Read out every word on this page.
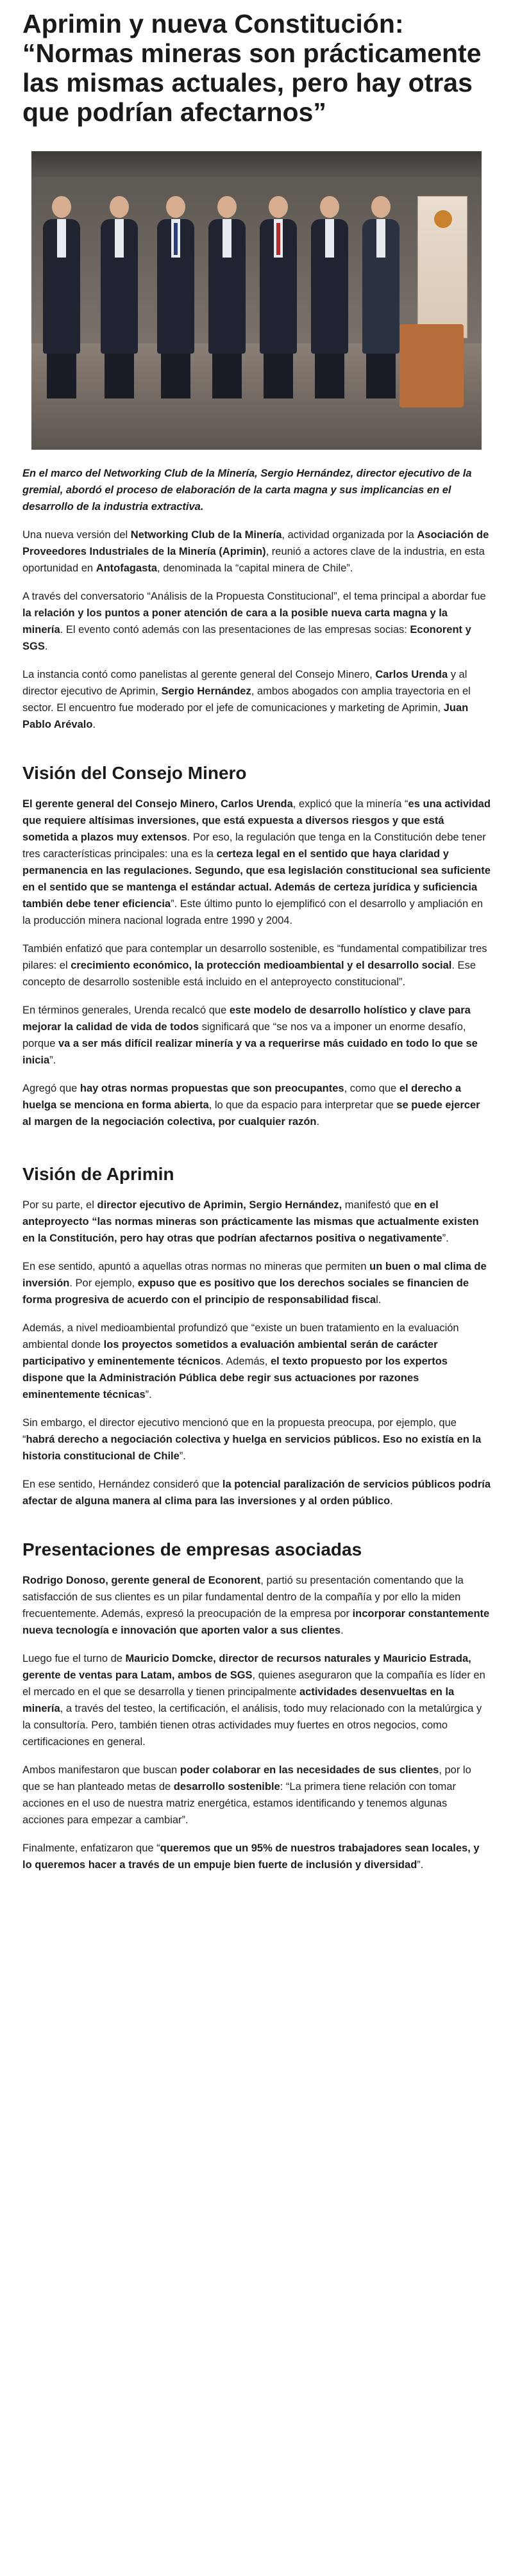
Aprimin y nueva Constitución: “Normas mineras son prácticamente las mismas actuales, pero hay otras que podrían afectarnos”

En el marco del Networking Club de la Minería, Sergio Hernández, director ejecutivo de la gremial, abordó el proceso de elaboración de la carta magna y sus implicancias en el desarrollo de la industria extractiva.

Una nueva versión del Networking Club de la Minería, actividad organizada por la Asociación de Proveedores Industriales de la Minería (Aprimin), reunió a actores clave de la industria, en esta oportunidad en Antofagasta, denominada la “capital minera de Chile”.

A través del conversatorio “Análisis de la Propuesta Constitucional”, el tema principal a abordar fue la relación y los puntos a poner atención de cara a la posible nueva carta magna y la minería. El evento contó además con las presentaciones de las empresas socias: Econorent y SGS.

La instancia contó como panelistas al gerente general del Consejo Minero, Carlos Urenda y al director ejecutivo de Aprimin, Sergio Hernández, ambos abogados con amplia trayectoria en el sector. El encuentro fue moderado por el jefe de comunicaciones y marketing de Aprimin, Juan Pablo Arévalo.

Visión del Consejo Minero

El gerente general del Consejo Minero, Carlos Urenda, explicó que la minería “es una actividad que requiere altísimas inversiones, que está expuesta a diversos riesgos y que está sometida a plazos muy extensos. Por eso, la regulación que tenga en la Constitución debe tener tres características principales: una es la certeza legal en el sentido que haya claridad y permanencia en las regulaciones. Segundo, que esa legislación constitucional sea suficiente en el sentido que se mantenga el estándar actual. Además de certeza jurídica y suficiencia también debe tener eficiencia”. Este último punto lo ejemplificó con el desarrollo y ampliación en la producción minera nacional lograda entre 1990 y 2004.

También enfatizó que para contemplar un desarrollo sostenible, es “fundamental compatibilizar tres pilares: el crecimiento económico, la protección medioambiental y el desarrollo social. Ese concepto de desarrollo sostenible está incluido en el anteproyecto constitucional”.

En términos generales, Urenda recalcó que este modelo de desarrollo holístico y clave para mejorar la calidad de vida de todos significará que “se nos va a imponer un enorme desafío, porque va a ser más difícil realizar minería y va a requerirse más cuidado en todo lo que se inicia”.

Agregó que hay otras normas propuestas que son preocupantes, como que el derecho a huelga se menciona en forma abierta, lo que da espacio para interpretar que se puede ejercer al margen de la negociación colectiva, por cualquier razón.

Visión de Aprimin

Por su parte, el director ejecutivo de Aprimin, Sergio Hernández, manifestó que en el anteproyecto “las normas mineras son prácticamente las mismas que actualmente existen en la Constitución, pero hay otras que podrían afectarnos positiva o negativamente”.

En ese sentido, apuntó a aquellas otras normas no mineras que permiten un buen o mal clima de inversión. Por ejemplo, expuso que es positivo que los derechos sociales se financien de forma progresiva de acuerdo con el principio de responsabilidad fiscal.

Además, a nivel medioambiental profundizó que “existe un buen tratamiento en la evaluación ambiental donde los proyectos sometidos a evaluación ambiental serán de carácter participativo y eminentemente técnicos. Además, el texto propuesto por los expertos dispone que la Administración Pública debe regir sus actuaciones por razones eminentemente técnicas”.

Sin embargo, el director ejecutivo mencionó que en la propuesta preocupa, por ejemplo, que “habrá derecho a negociación colectiva y huelga en servicios públicos. Eso no existía en la historia constitucional de Chile”.

En ese sentido, Hernández consideró que la potencial paralización de servicios públicos podría afectar de alguna manera al clima para las inversiones y al orden público.

Presentaciones de empresas asociadas

Rodrigo Donoso, gerente general de Econorent, partió su presentación comentando que la satisfacción de sus clientes es un pilar fundamental dentro de la compañía y por ello la miden frecuentemente. Además, expresó la preocupación de la empresa por incorporar constantemente nueva tecnología e innovación que aporten valor a sus clientes.

Luego fue el turno de Mauricio Domcke, director de recursos naturales y Mauricio Estrada, gerente de ventas para Latam, ambos de SGS, quienes aseguraron que la compañía es líder en el mercado en el que se desarrolla y tienen principalmente actividades desenvueltas en la minería, a través del testeo, la certificación, el análisis, todo muy relacionado con la metalúrgica y la consultoría. Pero, también tienen otras actividades muy fuertes en otros negocios, como certificaciones en general.

Ambos manifestaron que buscan poder colaborar en las necesidades de sus clientes, por lo que se han planteado metas de desarrollo sostenible: “La primera tiene relación con tomar acciones en el uso de nuestra matriz energética, estamos identificando y tenemos algunas acciones para empezar a cambiar”.

Finalmente, enfatizaron que “queremos que un 95% de nuestros trabajadores sean locales, y lo queremos hacer a través de un empuje bien fuerte de inclusión y diversidad”.
